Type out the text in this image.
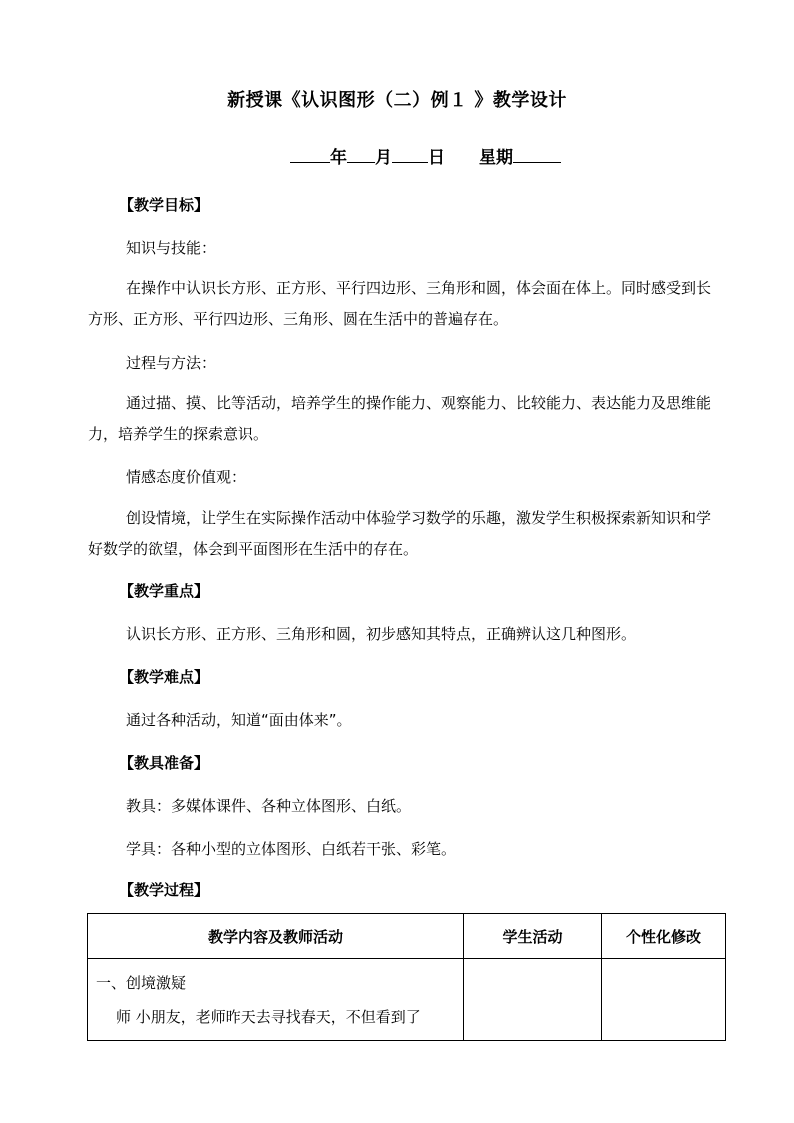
新授课《认识图形（二）例１ 》教学设计
年 月 日 星期
【教学目标】
知识与技能：
在操作中认识长方形、正方形、平行四边形、三角形和圆，体会面在体上。同时感受到长方形、正方形、平行四边形、三角形、圆在生活中的普遍存在。
过程与方法：
通过描、摸、比等活动，培养学生的操作能力、观察能力、比较能力、表达能力及思维能力，培养学生的探索意识。
情感态度价值观：
创设情境，让学生在实际操作活动中体验学习数学的乐趣，激发学生积极探索新知识和学好数学的欲望，体会到平面图形在生活中的存在。
【教学重点】
认识长方形、正方形、三角形和圆，初步感知其特点，正确辨认这几种图形。
【教学难点】
通过各种活动，知道“面由体来”。
【教具准备】
教具：多媒体课件、各种立体图形、白纸。
学具：各种小型的立体图形、白纸若干张、彩笔。
【教学过程】
教学内容及教师活动	学生活动	个性化修改

一、创境激疑
师 小朋友，老师昨天去寻找春天，不但看到了		
